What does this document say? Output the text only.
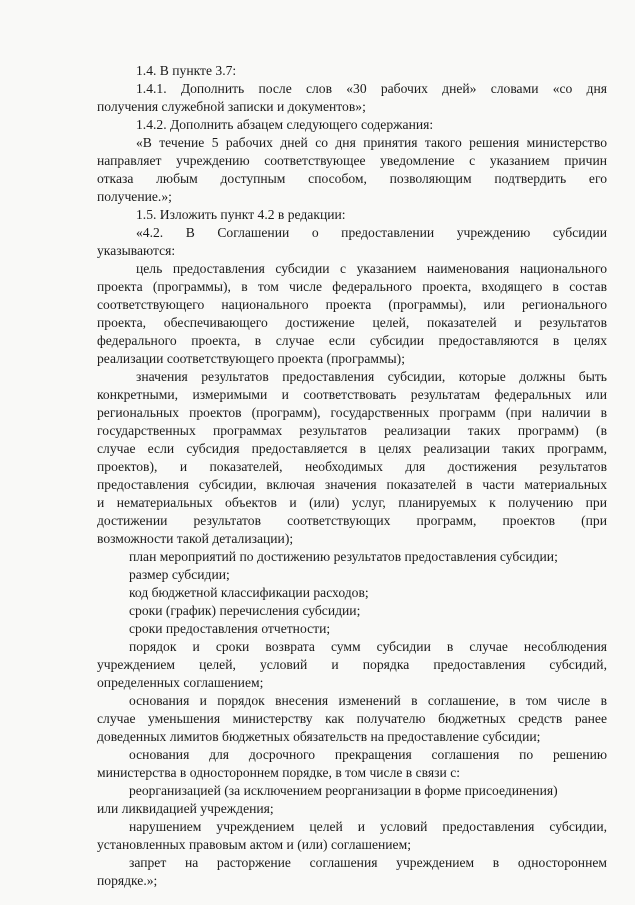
1.4. В пункте 3.7:
1.4.1. Дополнить после слов «30 рабочих дней» словами «со дня
получения служебной записки и документов»;
1.4.2. Дополнить абзацем следующего содержания:
«В течение 5 рабочих дней со дня принятия такого решения министерство
направляет учреждению соответствующее уведомление с указанием причин
отказа любым доступным способом, позволяющим подтвердить его
получение.»;
1.5. Изложить пункт 4.2 в редакции:
«4.2. В Соглашении о предоставлении учреждению субсидии
указываются:
цель предоставления субсидии с указанием наименования национального
проекта (программы), в том числе федерального проекта, входящего в состав
соответствующего национального проекта (программы), или регионального
проекта, обеспечивающего достижение целей, показателей и результатов
федерального проекта, в случае если субсидии предоставляются в целях
реализации соответствующего проекта (программы);
значения результатов предоставления субсидии, которые должны быть
конкретными, измеримыми и соответствовать результатам федеральных или
региональных проектов (программ), государственных программ (при наличии в
государственных программах результатов реализации таких программ) (в
случае если субсидия предоставляется в целях реализации таких программ,
проектов), и показателей, необходимых для достижения результатов
предоставления субсидии, включая значения показателей в части материальных
и нематериальных объектов и (или) услуг, планируемых к получению при
достижении результатов соответствующих программ, проектов (при
возможности такой детализации);
план мероприятий по достижению результатов предоставления субсидии;
размер субсидии;
код бюджетной классификации расходов;
сроки (график) перечисления субсидии;
сроки предоставления отчетности;
порядок и сроки возврата сумм субсидии в случае несоблюдения
учреждением целей, условий и порядка предоставления субсидий,
определенных соглашением;
основания и порядок внесения изменений в соглашение, в том числе в
случае уменьшения министерству как получателю бюджетных средств ранее
доведенных лимитов бюджетных обязательств на предоставление субсидии;
основания для досрочного прекращения соглашения по решению
министерства в одностороннем порядке, в том числе в связи с:
реорганизацией (за исключением реорганизации в форме присоединения)
или ликвидацией учреждения;
нарушением учреждением целей и условий предоставления субсидии,
установленных правовым актом и (или) соглашением;
запрет на расторжение соглашения учреждением в одностороннем
порядке.»;
